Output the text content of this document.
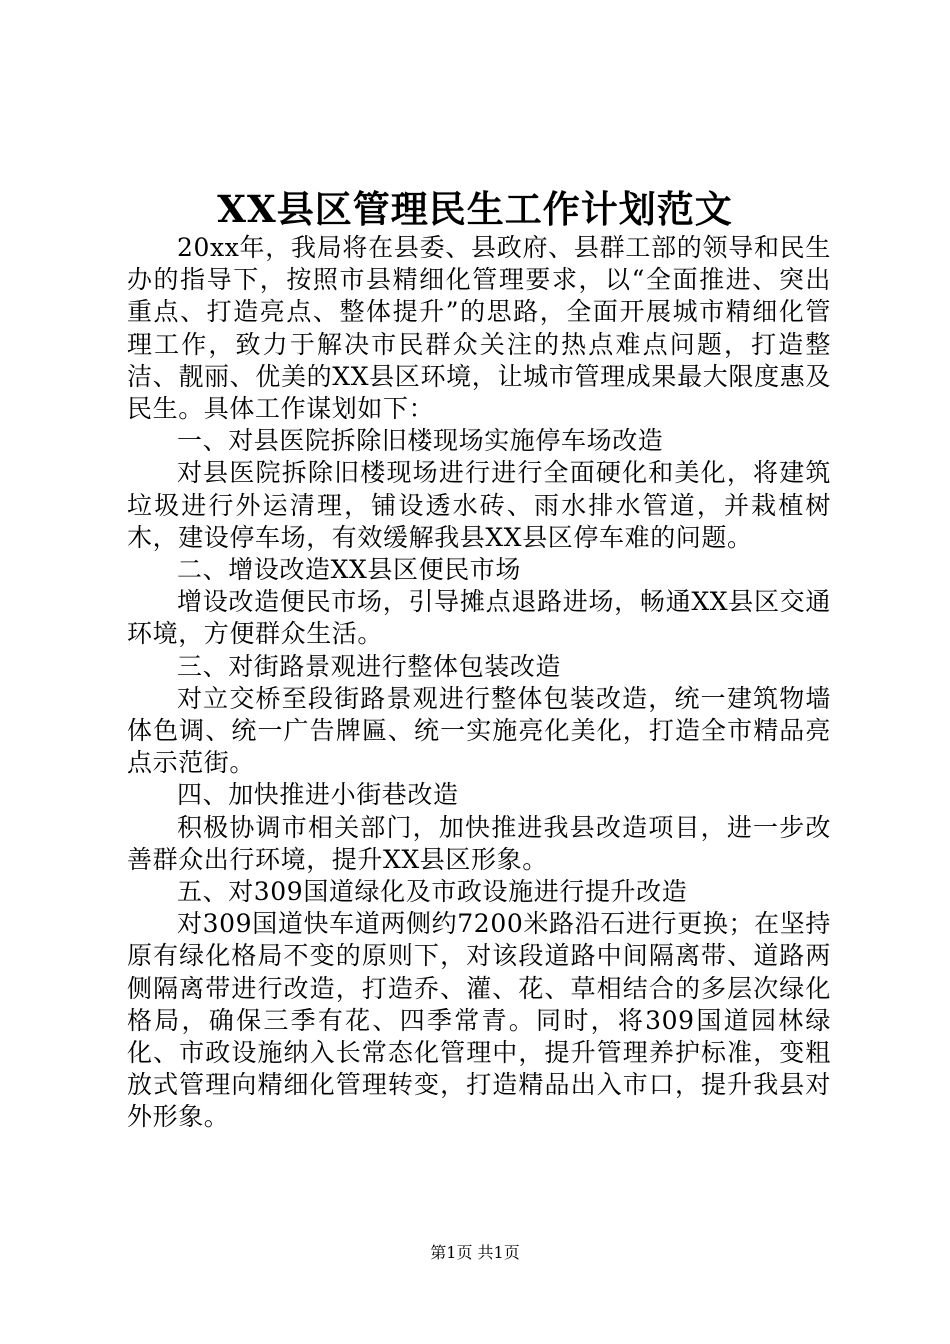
XX县区管理民生工作计划范文

20xx年，我局将在县委、县政府、县群工部的领导和民生办的指导下，按照市县精细化管理要求，以“全面推进、突出重点、打造亮点、整体提升”的思路，全面开展城市精细化管理工作，致力于解决市民群众关注的热点难点问题，打造整洁、靓丽、优美的XX县区环境，让城市管理成果最大限度惠及民生。具体工作谋划如下：

一、对县医院拆除旧楼现场实施停车场改造

对县医院拆除旧楼现场进行进行全面硬化和美化，将建筑垃圾进行外运清理，铺设透水砖、雨水排水管道，并栽植树木，建设停车场，有效缓解我县XX县区停车难的问题。

二、增设改造XX县区便民市场

增设改造便民市场，引导摊点退路进场，畅通XX县区交通环境，方便群众生活。

三、对街路景观进行整体包装改造

对立交桥至段街路景观进行整体包装改造，统一建筑物墙体色调、统一广告牌匾、统一实施亮化美化，打造全市精品亮点示范街。

四、加快推进小街巷改造

积极协调市相关部门，加快推进我县改造项目，进一步改善群众出行环境，提升XX县区形象。

五、对309国道绿化及市政设施进行提升改造

对309国道快车道两侧约7200米路沿石进行更换；在坚持原有绿化格局不变的原则下，对该段道路中间隔离带、道路两侧隔离带进行改造，打造乔、灌、花、草相结合的多层次绿化格局，确保三季有花、四季常青。同时，将309国道园林绿化、市政设施纳入长常态化管理中，提升管理养护标准，变粗放式管理向精细化管理转变，打造精品出入市口，提升我县对外形象。

第1页 共1页
